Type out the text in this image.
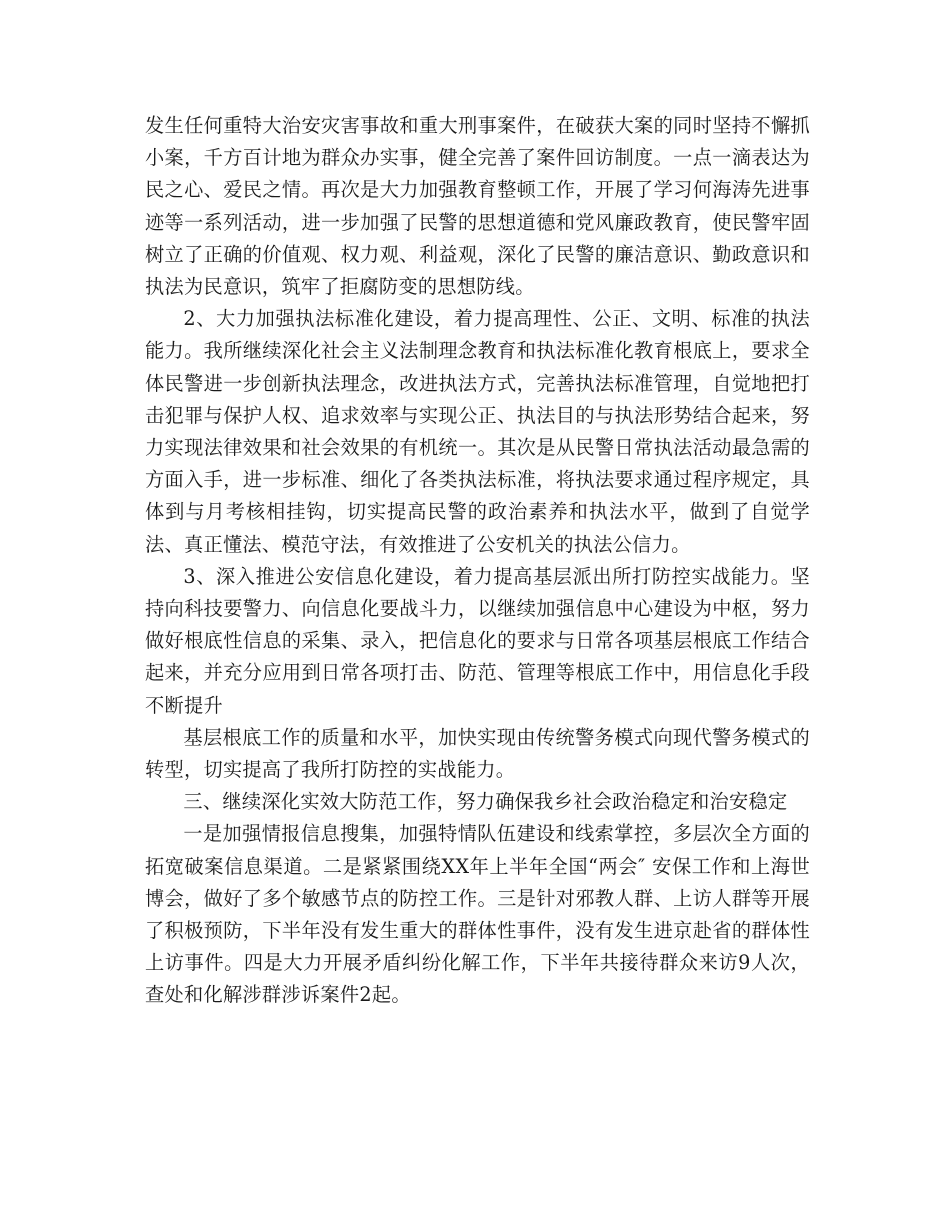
发生任何重特大治安灾害事故和重大刑事案件，在破获大案的同时坚持不懈抓小案，千方百计地为群众办实事，健全完善了案件回访制度。一点一滴表达为民之心、爱民之情。再次是大力加强教育整顿工作，开展了学习何海涛先进事迹等一系列活动，进一步加强了民警的思想道德和党风廉政教育，使民警牢固树立了正确的价值观、权力观、利益观，深化了民警的廉洁意识、勤政意识和执法为民意识，筑牢了拒腐防变的思想防线。

2、大力加强执法标准化建设，着力提高理性、公正、文明、标准的执法能力。我所继续深化社会主义法制理念教育和执法标准化教育根底上，要求全体民警进一步创新执法理念，改进执法方式，完善执法标准管理，自觉地把打击犯罪与保护人权、追求效率与实现公正、执法目的与执法形势结合起来，努力实现法律效果和社会效果的有机统一。其次是从民警日常执法活动最急需的方面入手，进一步标准、细化了各类执法标准，将执法要求通过程序规定，具体到与月考核相挂钩，切实提高民警的政治素养和执法水平，做到了自觉学法、真正懂法、模范守法，有效推进了公安机关的执法公信力。

3、深入推进公安信息化建设，着力提高基层派出所打防控实战能力。坚持向科技要警力、向信息化要战斗力，以继续加强信息中心建设为中枢，努力做好根底性信息的采集、录入，把信息化的要求与日常各项基层根底工作结合起来，并充分应用到日常各项打击、防范、管理等根底工作中，用信息化手段不断提升

基层根底工作的质量和水平，加快实现由传统警务模式向现代警务模式的转型，切实提高了我所打防控的实战能力。

三、继续深化实效大防范工作，努力确保我乡社会政治稳定和治安稳定

一是加强情报信息搜集，加强特情队伍建设和线索掌控，多层次全方面的拓宽破案信息渠道。二是紧紧围绕XX年上半年全国“两会″ 安保工作和上海世博会，做好了多个敏感节点的防控工作。三是针对邪教人群、上访人群等开展了积极预防，下半年没有发生重大的群体性事件，没有发生进京赴省的群体性上访事件。四是大力开展矛盾纠纷化解工作，下半年共接待群众来访9人次，查处和化解涉群涉诉案件2起。
